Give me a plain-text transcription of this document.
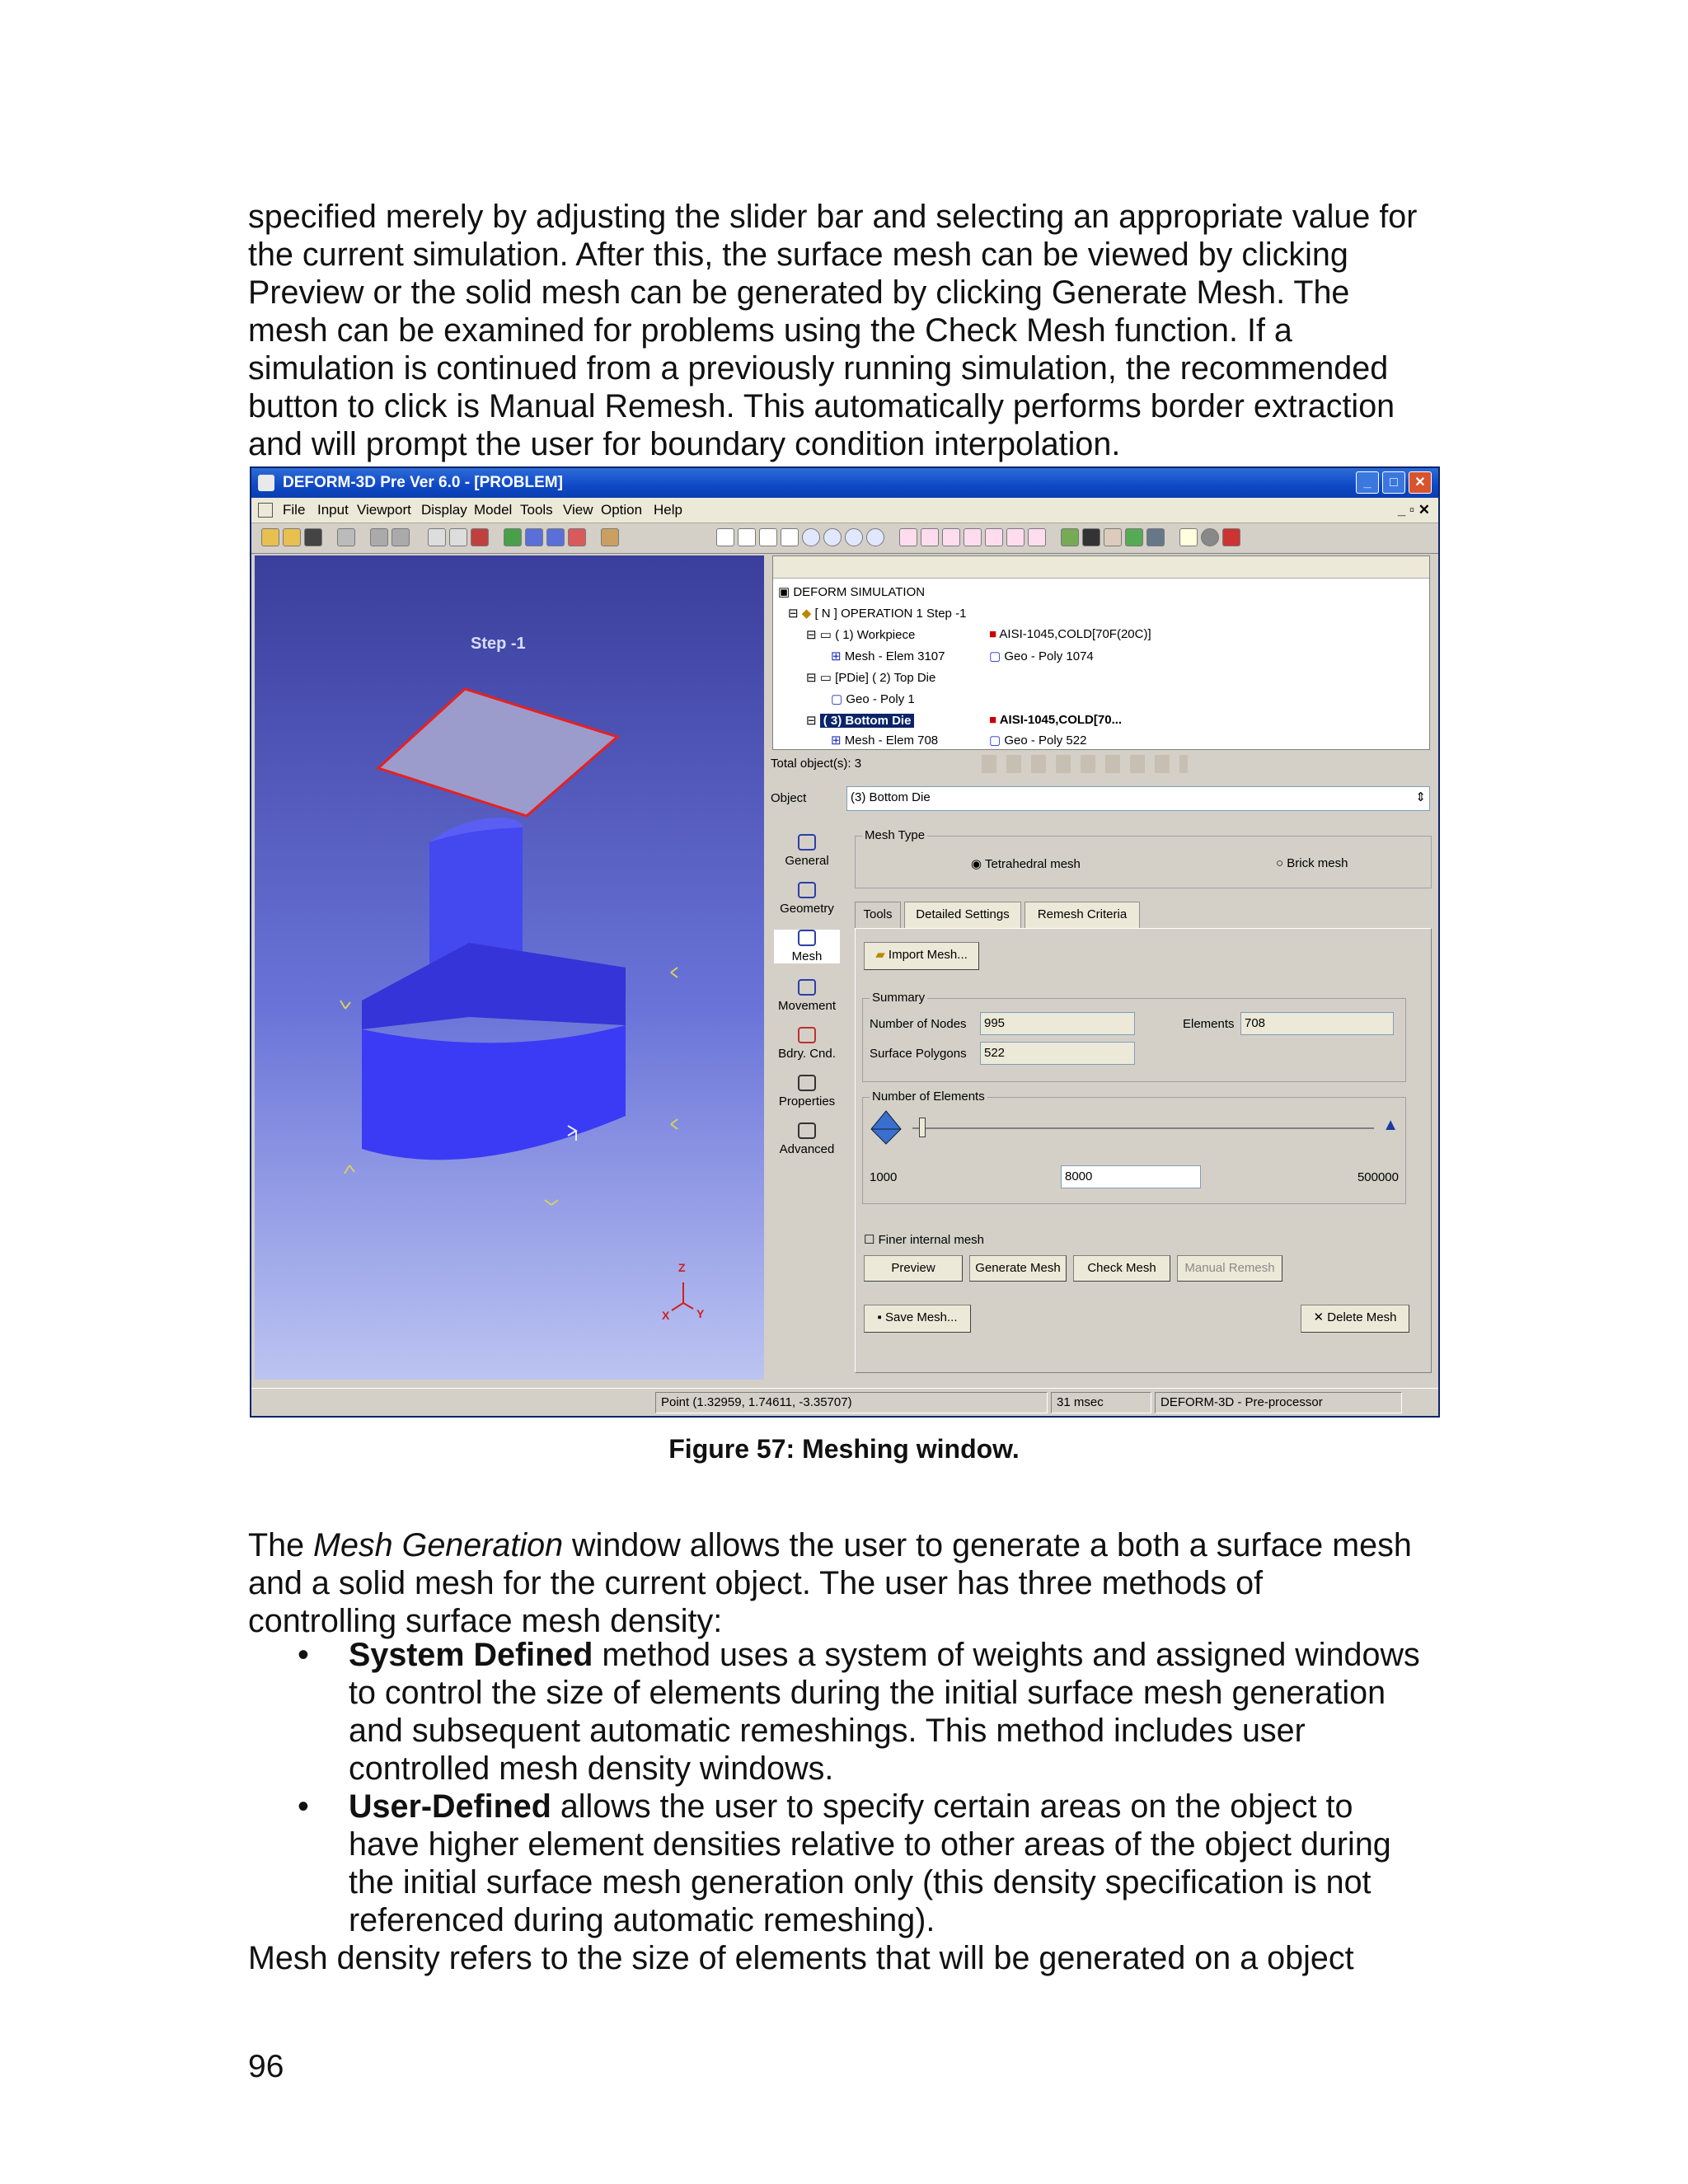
specified merely by adjusting the slider bar and selecting an appropriate value for
the current simulation. After this, the surface mesh can be viewed by clicking
Preview or the solid mesh can be generated by clicking Generate Mesh. The
mesh can be examined for problems using the Check Mesh function. If a
simulation is continued from a previously running simulation, the recommended
button to click is Manual Remesh. This automatically performs border extraction
and will prompt the user for boundary condition interpolation.
DEFORM-3D Pre Ver 6.0 - [PROBLEM]	_	□	✕
File Input Viewport Display Model Tools View Option Help	_ ▫ ✕
Step -1
Z
X Y
▣ DEFORM SIMULATION
⊟ ◆ [ N ] OPERATION 1 Step -1
⊟ ▭ ( 1) Workpiece	■ AISI-1045,COLD[70F(20C)]
⊞ Mesh - Elem 3107	▢ Geo - Poly 1074
⊟ ▭ [PDie] ( 2) Top Die
▢ Geo - Poly 1
⊟ ( 3) Bottom Die	■ AISI-1045,COLD[70...
⊞ Mesh - Elem 708	▢ Geo - Poly 522
Total object(s): 3
Object	(3) Bottom Die	⇕
General
Geometry
Mesh
Movement
Bdry. Cnd.
Properties
Advanced
Mesh Type
◉ Tetrahedral mesh	○ Brick mesh
Tools	Detailed Settings	Remesh Criteria
▰ Import Mesh...
Summary
Number of Nodes	995	Elements 708
Surface Polygons	522
Number of Elements
▲
1000	8000	500000
☐ Finer internal mesh
Preview	Generate Mesh	Check Mesh	Manual Remesh
▪ Save Mesh...	✕ Delete Mesh
Point (1.32959, 1.74611, -3.35707)	31 msec	DEFORM-3D - Pre-processor
Figure 57: Meshing window.
The Mesh Generation window allows the user to generate a both a surface mesh
and a solid mesh for the current object. The user has three methods of
controlling surface mesh density:
• System Defined method uses a system of weights and assigned windows
to control the size of elements during the initial surface mesh generation
and subsequent automatic remeshings. This method includes user
controlled mesh density windows.
• User-Defined allows the user to specify certain areas on the object to
have higher element densities relative to other areas of the object during
the initial surface mesh generation only (this density specification is not
referenced during automatic remeshing).
Mesh density refers to the size of elements that will be generated on a object
96
